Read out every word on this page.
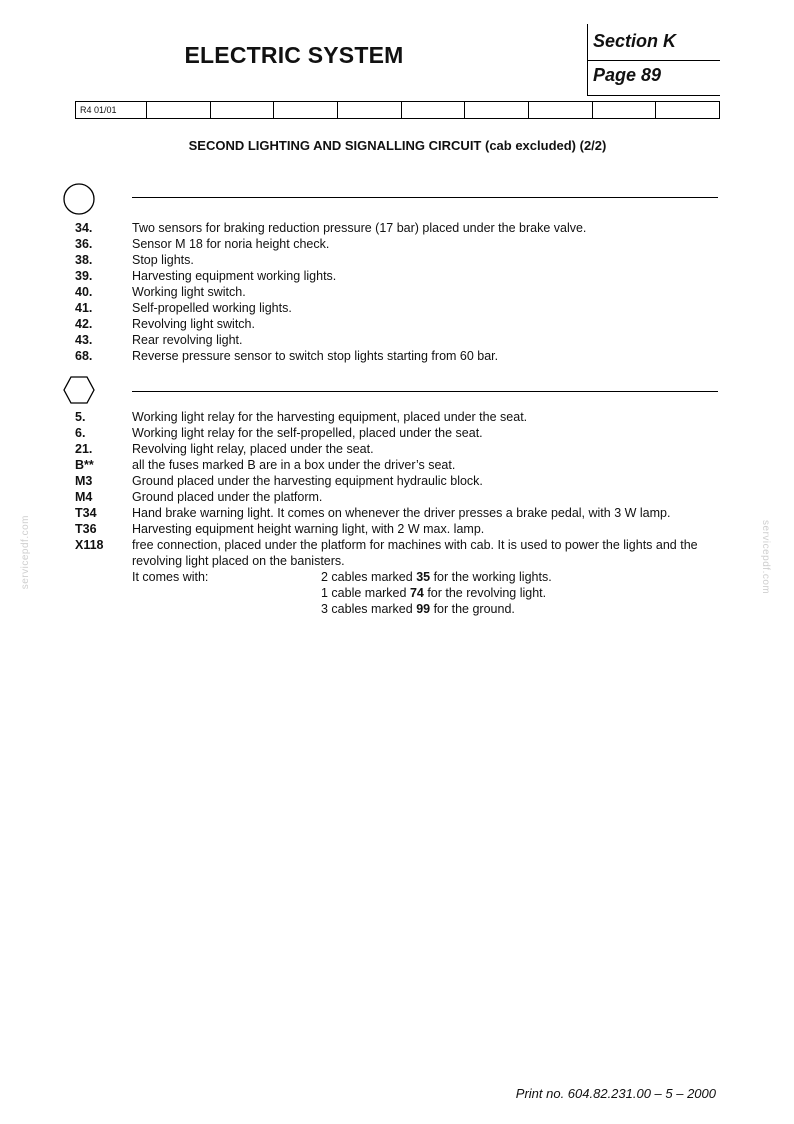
ELECTRIC SYSTEM
Section K
Page 89
R4 01/01
SECOND LIGHTING AND SIGNALLING CIRCUIT (cab excluded) (2/2)
34.	Two sensors for braking reduction pressure (17 bar) placed under the brake valve.
36.	Sensor M 18 for noria height check.
38.	Stop lights.
39.	Harvesting equipment working lights.
40.	Working light switch.
41.	Self-propelled working lights.
42.	Revolving light switch.
43.	Rear revolving light.
68.	Reverse pressure sensor to switch stop lights starting from 60 bar.
5.	Working light relay for the harvesting equipment, placed under the seat.
6.	Working light relay for the self-propelled, placed under the seat.
21.	Revolving light relay, placed under the seat.
B**	all the fuses marked B are in a box under the driver’s seat.
M3	Ground placed under the harvesting equipment hydraulic block.
M4	Ground placed under the platform.
T34	Hand brake warning light. It comes on whenever the driver presses a brake pedal, with 3 W lamp.
T36	Harvesting equipment height warning light, with 2 W max. lamp.
X118	free connection, placed under the platform for machines with cab. It is used to power the lights and the revolving light placed on the banisters.
It comes with:	2 cables marked 35 for the working lights.
1 cable marked 74 for the revolving light.
3 cables marked 99 for the ground.
servicepdf.com	servicepdf.com
Print no. 604.82.231.00 – 5 – 2000
